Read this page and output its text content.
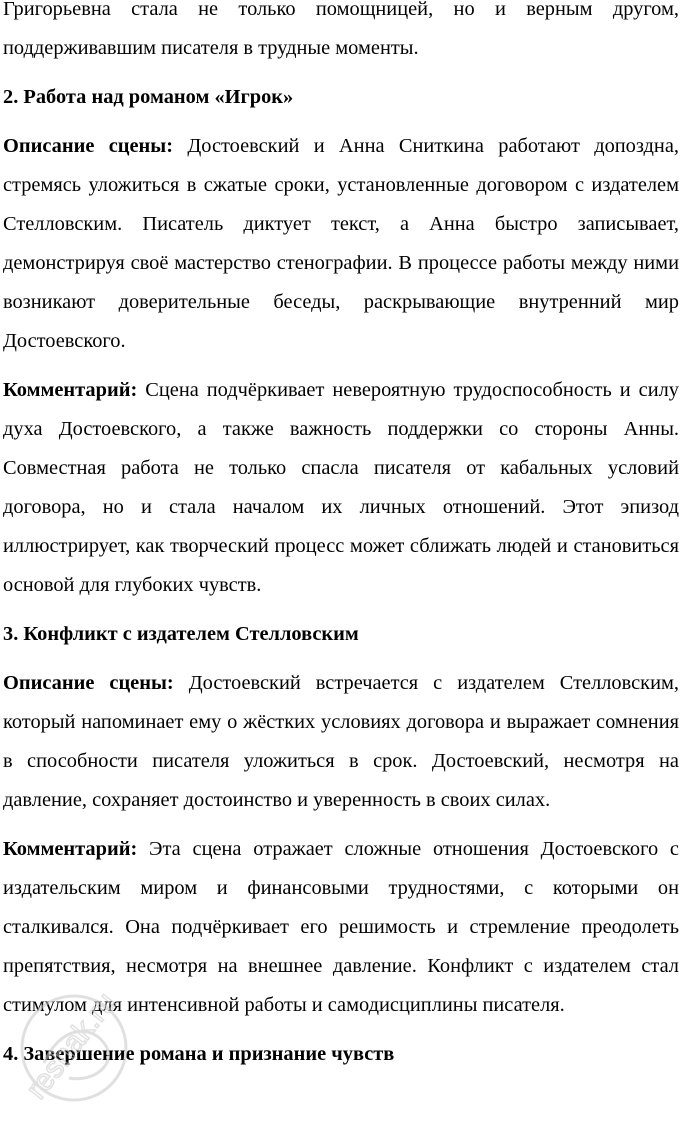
Григорьевна стала не только помощницей, но и верным другом, поддерживавшим писателя в трудные моменты.

2. Работа над романом «Игрок»

Описание сцены: Достоевский и Анна Сниткина работают допоздна, стремясь уложиться в сжатые сроки, установленные договором с издателем Стелловским. Писатель диктует текст, а Анна быстро записывает, демонстрируя своё мастерство стенографии. В процессе работы между ними возникают доверительные беседы, раскрывающие внутренний мир Достоевского.

Комментарий: Сцена подчёркивает невероятную трудоспособность и силу духа Достоевского, а также важность поддержки со стороны Анны. Совместная работа не только спасла писателя от кабальных условий договора, но и стала началом их личных отношений. Этот эпизод иллюстрирует, как творческий процесс может сближать людей и становиться основой для глубоких чувств.

3. Конфликт с издателем Стелловским

Описание сцены: Достоевский встречается с издателем Стелловским, который напоминает ему о жёстких условиях договора и выражает сомнения в способности писателя уложиться в срок. Достоевский, несмотря на давление, сохраняет достоинство и уверенность в своих силах.

Комментарий: Эта сцена отражает сложные отношения Достоевского с издательским миром и финансовыми трудностями, с которыми он сталкивался. Она подчёркивает его решимость и стремление преодолеть препятствия, несмотря на внешнее давление. Конфликт с издателем стал стимулом для интенсивной работы и самодисциплины писателя.

4. Завершение романа и признание чувств

reshak.ru
